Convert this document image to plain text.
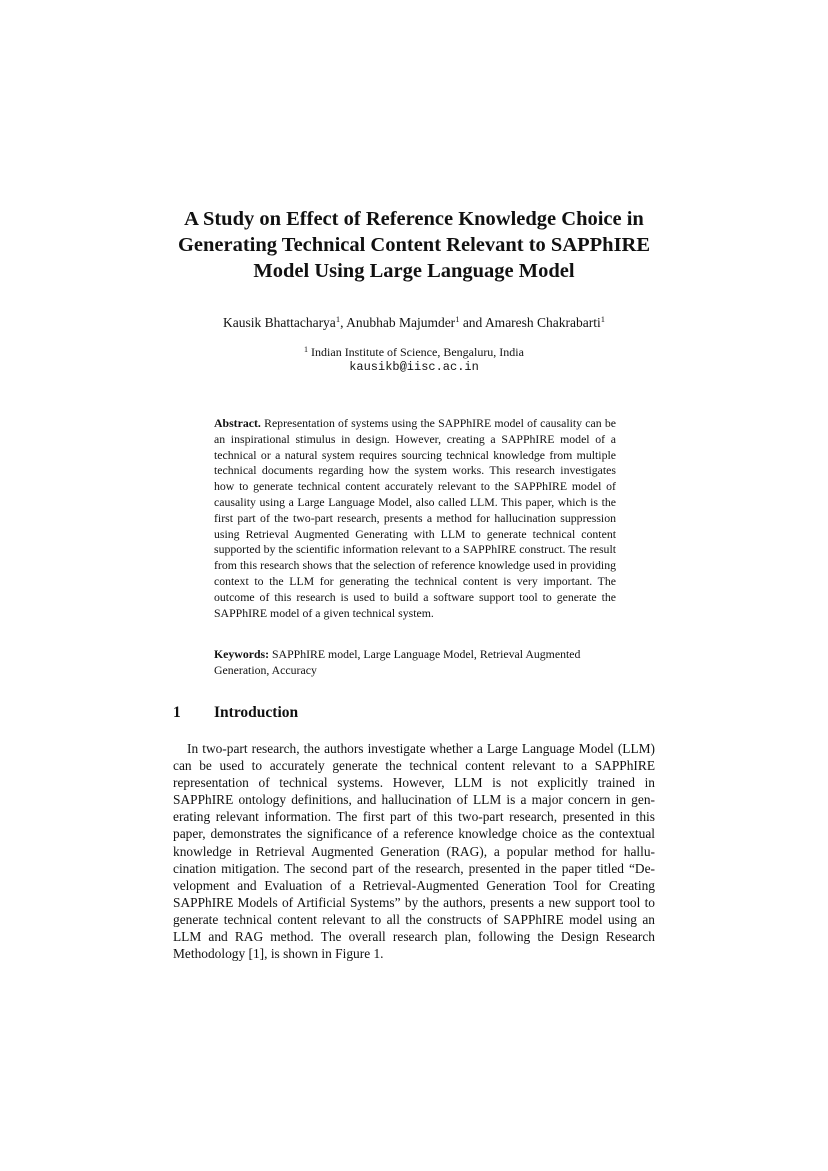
A Study on Effect of Reference Knowledge Choice in
Generating Technical Content Relevant to SAPPhIRE
Model Using Large Language Model
Kausik Bhattacharya$^1$, Anubhab Majumder$^1$ and Amaresh Chakrabarti$^1$
$^1$ Indian Institute of Science, Bengaluru, India
kausikb@iisc.ac.in

Abstract. Representation of systems using the SAPPhIRE model of causality can be an inspirational stimulus in design. However, creating a SAPPhIRE model of a technical or a natural system requires sourcing technical knowledge from multiple technical documents regarding how the system works. This research investigates how to generate technical content accurately relevant to the SAPPhIRE model of causality using a Large Language Model, also called LLM. This paper, which is the first part of the two-part research, presents a method for hallucination suppression using Retrieval Augmented Generating with LLM to generate technical content supported by the scientific information relevant to a SAPPhIRE construct. The result from this research shows that the selection of reference knowledge used in providing context to the LLM for generating the technical content is very important. The outcome of this research is used to build a software support tool to generate the SAPPhIRE model of a given technical system.

Keywords: SAPPhIRE model, Large Language Model, Retrieval Augmented Generation, Accuracy

1 Introduction

In two-part research, the authors investigate whether a Large Language Model (LLM) can be used to accurately generate the technical content relevant to a SAPPhIRE representation of technical systems. However, LLM is not explicitly trained in SAPPhIRE ontology definitions, and hallucination of LLM is a major concern in generating relevant information. The first part of this two-part research, presented in this paper, demonstrates the significance of a reference knowledge choice as the contextual knowledge in Retrieval Augmented Generation (RAG), a popular method for hallucination mitigation. The second part of the research, presented in the paper titled “Development and Evaluation of a Retrieval-Augmented Generation Tool for Creating SAPPhIRE Models of Artificial Systems” by the authors, presents a new support tool to generate technical content relevant to all the constructs of SAPPhIRE model using an LLM and RAG method. The overall research plan, following the Design Research Methodology [1], is shown in Figure 1.
